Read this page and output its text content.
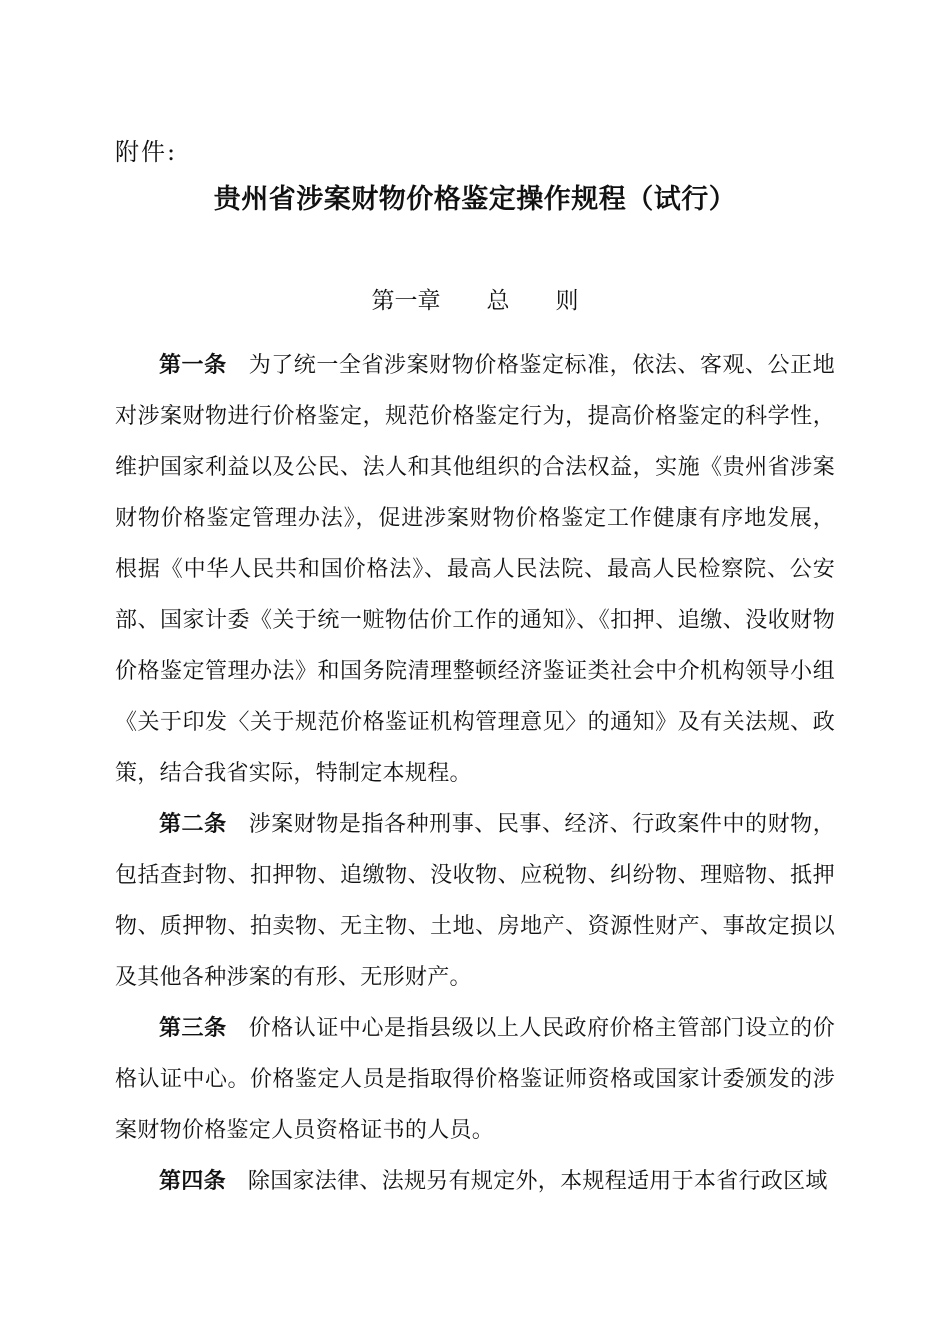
附件:
贵州省涉案财物价格鉴定操作规程（试行）
第一章 总 则

第一条 为了统一全省涉案财物价格鉴定标准，依法、客观、公正地对涉案财物进行价格鉴定，规范价格鉴定行为，提高价格鉴定的科学性，维护国家利益以及公民、法人和其他组织的合法权益，实施《贵州省涉案财物价格鉴定管理办法》，促进涉案财物价格鉴定工作健康有序地发展，根据《中华人民共和国价格法》、最高人民法院、最高人民检察院、公安部、国家计委《关于统一赃物估价工作的通知》、《扣押、追缴、没收财物价格鉴定管理办法》和国务院清理整顿经济鉴证类社会中介机构领导小组《关于印发〈关于规范价格鉴证机构管理意见〉的通知》及有关法规、政策，结合我省实际，特制定本规程。

第二条 涉案财物是指各种刑事、民事、经济、行政案件中的财物，包括查封物、扣押物、追缴物、没收物、应税物、纠纷物、理赔物、抵押物、质押物、拍卖物、无主物、土地、房地产、资源性财产、事故定损以及其他各种涉案的有形、无形财产。

第三条 价格认证中心是指县级以上人民政府价格主管部门设立的价格认证中心。价格鉴定人员是指取得价格鉴证师资格或国家计委颁发的涉案财物价格鉴定人员资格证书的人员。

第四条 除国家法律、法规另有规定外，本规程适用于本省行政区域
